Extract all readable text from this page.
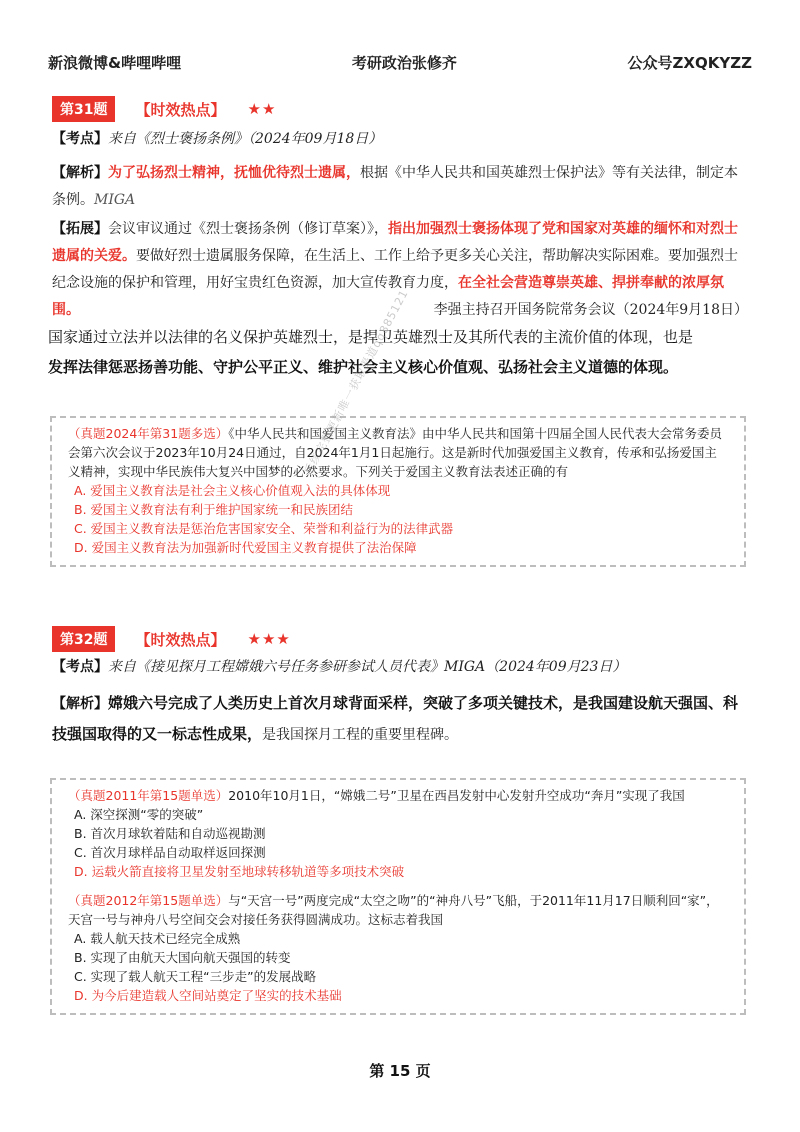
新浪微博&哔哩哔哩	考研政治张修齐	公众号ZXQKYZZ
第31题	【时效热点】 ★★
【考点】来自《烈士褒扬条例》（2024年09月18日）
【解析】为了弘扬烈士精神，抚恤优待烈士遗属，根据《中华人民共和国英雄烈士保护法》等有关法律，制定本条例。MIGA
【拓展】会议审议通过《烈士褒扬条例（修订草案）》，指出加强烈士褒扬体现了党和国家对英雄的缅怀和对烈士遗属的关爱。要做好烈士遗属服务保障，在生活上、工作上给予更多关心关注，帮助解决实际困难。要加强烈士纪念设施的保护和管理，用好宝贵红色资源，加大宣传教育力度，在全社会营造尊崇英雄、捍拼奉献的浓厚氛围。	李强主持召开国务院常务会议（2024年9月18日）
国家通过立法并以法律的名义保护英雄烈士，是捍卫英雄烈士及其所代表的主流价值的体现，也是
发挥法律惩恶扬善功能、守护公平正义、维护社会主义核心价值观、弘扬社会主义道德的体现。
（真题2024年第31题多选）《中华人民共和国爱国主义教育法》由中华人民共和国第十四届全国人民代表大会常务委员会第六次会议于2023年10月24日通过，自2024年1月1日起施行。这是新时代加强爱国主义教育，传承和弘扬爱国主义精神，实现中华民族伟大复兴中国梦的必然要求。下列关于爱国主义教育法表述正确的有
A. 爱国主义教育法是社会主义核心价值观入法的具体体现
B. 爱国主义教育法有利于维护国家统一和民族团结
C. 爱国主义教育法是惩治危害国家安全、荣誉和利益行为的法律武器
D. 爱国主义教育法为加强新时代爱国主义教育提供了法治保障
后续完整更新唯一获取渠道qq885121
第32题	【时效热点】 ★★★
【考点】来自《接见探月工程嫦娥六号任务参研参试人员代表》MIGA（2024年09月23日）
【解析】嫦娥六号完成了人类历史上首次月球背面采样，突破了多项关键技术，是我国建设航天强国、科技强国取得的又一标志性成果，是我国探月工程的重要里程碑。
（真题2011年第15题单选）2010年10月1日，“嫦娥二号”卫星在西昌发射中心发射升空成功“奔月”实现了我国
A. 深空探测“零的突破”
B. 首次月球软着陆和自动巡视勘测
C. 首次月球样品自动取样返回探测
D. 运载火箭直接将卫星发射至地球转移轨道等多项技术突破
（真题2012年第15题单选）与“天宫一号”两度完成“太空之吻”的“神舟八号”飞船，于2011年11月17日顺利回“家”，天宫一号与神舟八号空间交会对接任务获得圆满成功。这标志着我国
A. 载人航天技术已经完全成熟
B. 实现了由航天大国向航天强国的转变
C. 实现了载人航天工程“三步走”的发展战略
D. 为今后建造载人空间站奠定了坚实的技术基础
第 15 页
